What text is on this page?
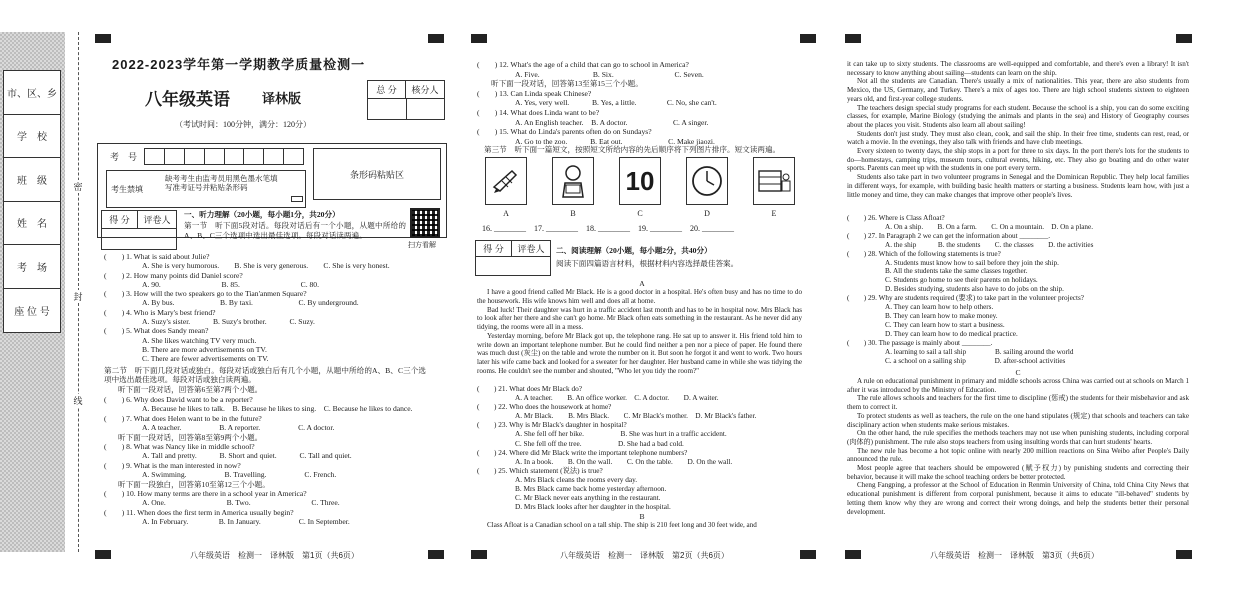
市、区、乡
学　校
班　级
姓　名
考　场
座 位 号
密
封
线
2022-2023学年第一学期教学质量检测一
八年级英语 译林版
（考试时间：100分钟，满分：120分）
总 分	核分人
考　号
考生禁填
缺考考生由监考员用黑色墨水笔填写准考证号并粘贴条形码
条形码粘贴区
得 分	评卷人
扫方看解

一、听力理解（20小题，每小题1分，共20分）

第一节　听下面5段对话。每段对话后有一个小题，从题中所给的A、B、C三个选项中选出最佳选项。每段对话读两遍。

(　　) 1. What is said about Julie?

A. She is very humorous.　　B. She is very generous.　　C. She is very honest.

(　　) 2. How many points did Daniel score?

A. 90.　　　　　　　　B. 85.　　　　　　　　C. 80.

(　　) 3. How will the two speakers go to the Tian'anmen Square?

A. By bus.　　　　　　B. By taxi.　　　　　　C. By underground.

(　　) 4. Who is Mary's best friend?

A. Suzy's sister.　　　B. Suzy's brother.　　　C. Suzy.

(　　) 5. What does Sandy mean?

A. She likes watching TV very much.

B. There are more advertisements on TV.

C. There are fewer advertisements on TV.

第二节　听下面几段对话或独白。每段对话或独白后有几个小题，从题中所给的A、B、C三个选项中选出最佳选项。每段对话或独白读两遍。

听下面一段对话，回答第6至第7两个小题。

(　　) 6. Why does David want to be a reporter?

A. Because he likes to talk.　B. Because he likes to sing.　C. Because he likes to dance.

(　　) 7. What does Helen want to be in the future?

A. A teacher.　　　　　B. A reporter.　　　　　C. A doctor.

听下面一段对话，回答第8至第9两个小题。

(　　) 8. What was Nancy like in middle school?

A. Tall and pretty.　　　B. Short and quiet.　　　C. Tall and quiet.

(　　) 9. What is the man interested in now?

A. Swimming.　　　　　B. Travelling.　　　　　C. French.

听下面一段独白，回答第10至第12三个小题。

(　　) 10. How many terms are there in a school year in America?

A. One.　　　　　　　　B. Two.　　　　　　　　C. Three.

(　　) 11. When does the first term in America usually begin?

A. In February.　　　　B. In January.　　　　　C. In September.

八年级英语　检测一　译林版　第1页（共6页）

(　　) 12. What's the age of a child that can go to school in America?

A. Five.　　　　　　　B. Six.　　　　　　　　C. Seven.

听下面一段对话，回答第13至第15三个小题。

(　　) 13. Can Linda speak Chinese?

A. Yes, very well.　　　B. Yes, a little.　　　　C. No, she can't.

(　　) 14. What does Linda want to be?

A. An English teacher.　B. A doctor.　　　　　　C. A singer.

(　　) 15. What do Linda's parents often do on Sundays?

A. Go to the zoo.　　　B. Eat out.　　　　　　C. Make jiaozi.

第三节　听下面一篇短文，按照短文所给内容的先后顺序将下列图片排序。短文读两遍。

10
A	B	C	D	E

16. ________　17. ________　18. ________　19. ________　20. ________

得 分	评卷人	二、阅读理解（20小题，每小题2分，共40分）

阅读下面四篇语言材料，根据材料内容选择最佳答案。

A

I have a good friend called Mr Black. He is a good doctor in a hospital. He's often busy and has no time to do the housework. His wife knows him well and does all at home.

Bad luck! Their daughter was hurt in a traffic accident last month and has to be in hospital now. Mrs Black has to look after her there and she can't go home. Mr Black often eats something in the restaurant. As he never did any tidying, the rooms were all in a mess.

Yesterday morning, before Mr Black got up, the telephone rang. He sat up to answer it. His friend told him to write down an important telephone number. But he could find neither a pen nor a piece of paper. He found there was much dust (灰尘) on the table and wrote the number on it. But soon he forgot it and went to work. Two hours later his wife came back and looked for a sweater for her daughter. Her husband came in while she was tidying the rooms. He couldn't see the number and shouted, "Who let you tidy the room?"

(　　) 21. What does Mr Black do?

A. A teacher.　　B. An office worker.　C. A doctor.　　D. A waiter.

(　　) 22. Who does the housework at home?

A. Mr Black.　　B. Mrs Black.　　C. Mr Black's mother.　D. Mr Black's father.

(　　) 23. Why is Mr Black's daughter in hospital?

A. She fell off her bike.　　　　　B. She was hurt in a traffic accident.

C. She fell off the tree.　　　　　D. She had a bad cold.

(　　) 24. Where did Mr Black write the important telephone numbers?

A. In a book.　　B. On the wall.　　C. On the table.　　D. On the wall.

(　　) 25. Which statement (说法) is true?

A. Mrs Black cleans the rooms every day.

B. Mrs Black came back home yesterday afternoon.

C. Mr Black never eats anything in the restaurant.

D. Mrs Black looks after her daughter in the hospital.

B

Class Afloat is a Canadian school on a tall ship. The ship is 210 feet long and 30 feet wide, and

八年级英语　检测一　译林版　第2页（共6页）

it can take up to sixty students. The classrooms are well-equipped and comfortable, and there's even a library! It isn't necessary to know anything about sailing—students can learn on the ship.

Not all the students are Canadian. There's usually a mix of nationalities. This year, there are also students from Mexico, the US, Germany, and Turkey. There's a mix of ages too. There are high school students sixteen to eighteen years old, and first-year college students.

The teachers design special study programs for each student. Because the school is a ship, you can do some exciting classes, for example, Marine Biology (studying the animals and plants in the sea) and History of Geography courses about the places you visit. Students also learn all about sailing!

Students don't just study. They must also clean, cook, and sail the ship. In their free time, students can rest, read, or watch a movie. In the evenings, they also talk with friends and have club meetings.

Every sixteen to twenty days, the ship stops in a port for three to six days. In the port there's lots for the students to do—homestays, camping trips, museum tours, cultural events, hiking, etc. They also go boating and do other water sports. Parents can meet up with the students in one port every term.

Students also take part in two volunteer programs in Senegal and the Dominican Republic. They help local families in different ways, for example, with building basic health matters or starting a business. Students learn how, with just a little money and time, they can make changes that improve other people's lives.

(　　) 26. Where is Class Afloat?

A. On a ship.　　B. On a farm.　　C. On a mountain.　D. On a plane.

(　　) 27. In Paragraph 2 we can get the information about ________.

A. the ship　　　B. the students　　C. the classes　　D. the activities

(　　) 28. Which of the following statements is true?

A. Students must know how to sail before they join the ship.

B. All the students take the same classes together.

C. Students go home to see their parents on holidays.

D. Besides studying, students also have to do jobs on the ship.

(　　) 29. Why are students required (要求) to take part in the volunteer projects?

A. They can learn how to help others.

B. They can learn how to make money.

C. They can learn how to start a business.

D. They can learn how to do medical practice.

(　　) 30. The passage is mainly about ________.

A. learning to sail a tall ship　　　　B. sailing around the world

C. a school on a sailing ship　　　　D. after-school activities

C

A rule on educational punishment in primary and middle schools across China was carried out at schools on March 1 after it was introduced by the Ministry of Education.

The rule allows schools and teachers for the first time to discipline (惩戒) the students for their misbehavior and ask them to correct it.

To protect students as well as teachers, the rule on the one hand stipulates (规定) that schools and teachers can take disciplinary action when students make serious mistakes.

On the other hand, the rule specifies the methods teachers may not use when punishing students, including corporal (肉体的) punishment. The rule also stops teachers from using insulting words that can hurt students' hearts.

The new rule has become a hot topic online with nearly 200 million reactions on Sina Weibo after People's Daily announced the rule.

Most people agree that teachers should be empowered (赋予权力) by punishing students and correcting their behavior, because it will make the school teaching orders be better protected.

Cheng Fangping, a professor at the School of Education in Renmin University of China, told China City News that educational punishment is different from corporal punishment, because it aims to educate "ill-behaved" students by letting them know why they are wrong and correct their wrong doings, and help the students better their personal development.

八年级英语　检测一　译林版　第3页（共6页）
